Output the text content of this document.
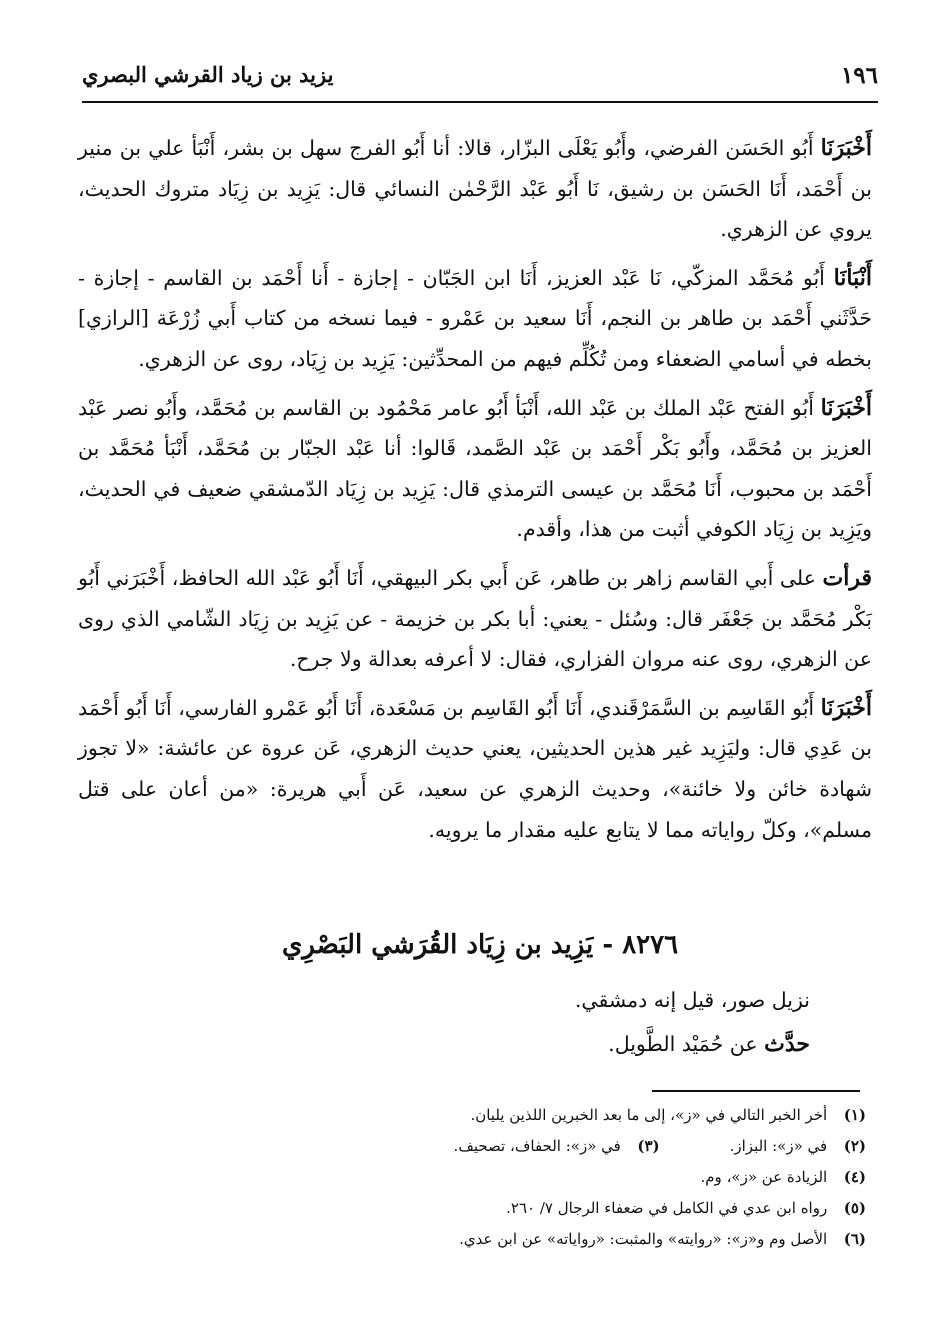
١٩٦
يزيد بن زياد القرشي البصري

أَخْبَرَنَا أَبُو الحَسَن الفرضي، وأَبُو يَعْلَى البزّار، قالا: أنا أَبُو الفرج سهل بن بشر، أَنْبَأ علي بن منير بن أَحْمَد، أَنَا الحَسَن بن رشيق، نَا أَبُو عَبْد الرَّحْمٰن النسائي قال: يَزِيد بن زِيَاد متروك الحديث، يروي عن الزهري.

أَنْبَأنَا أَبُو مُحَمَّد المزكّي، نَا عَبْد العزيز، أَنَا ابن الجَبّان - إجازة - أَنا أَحْمَد بن القاسم - إجازة - حَدَّثَني أَحْمَد بن طاهر بن النجم، أَنَا سعيد بن عَمْرو - فيما نسخه من كتاب أَبي زُرْعَة [الرازي] بخطه في أسامي الضعفاء ومن تُكُلِّم فيهم من المحدِّثين: يَزِيد بن زِيَاد، روى عن الزهري.

أَخْبَرَنَا أَبُو الفتح عَبْد الملك بن عَبْد الله، أَنْبَأ أَبُو عامر مَحْمُود بن القاسم بن مُحَمَّد، وأَبُو نصر عَبْد العزيز بن مُحَمَّد، وأَبُو بَكْر أَحْمَد بن عَبْد الصَّمد، قَالوا: أنا عَبْد الجبّار بن مُحَمَّد، أَنْبَأ مُحَمَّد بن أَحْمَد بن محبوب، أَنَا مُحَمَّد بن عيسى الترمذي قال: يَزِيد بن زِيَاد الدّمشقي ضعيف في الحديث، ويَزِيد بن زِيَاد الكوفي أثبت من هذا، وأقدم.

قرأت على أَبي القاسم زاهر بن طاهر، عَن أَبي بكر البيهقي، أَنَا أَبُو عَبْد الله الحافظ، أَخْبَرَني أَبُو بَكْر مُحَمَّد بن جَعْفَر قال: وسُئل - يعني: أبا بكر بن خزيمة - عن يَزِيد بن زِيَاد الشّامي الذي روى عن الزهري، روى عنه مروان الفزاري، فقال: لا أعرفه بعدالة ولا جرح.

أَخْبَرَنَا أَبُو القَاسِم بن السَّمَرْقَندي، أَنَا أَبُو القَاسِم بن مَسْعَدة، أَنَا أَبُو عَمْرو الفارسي، أَنَا أَبُو أَحْمَد بن عَدِي قال: وليَزِيد غير هذين الحديثين، يعني حديث الزهري، عَن عروة عن عائشة: «لا تجوز شهادة خائن ولا خائنة»، وحديث الزهري عن سعيد، عَن أَبي هريرة: «من أعان على قتل مسلم»، وكلّ رواياته مما لا يتابع عليه مقدار ما يرويه.

٨٢٧٦ - يَزِيد بن زِيَاد القُرَشي البَصْرِي
نزيل صور، قيل إنه دمشقي.
حدَّث عن حُمَيْد الطَّويل.
(١) أخر الخبر التالي في «ز»، إلى ما بعد الخبرين اللذين يليان.
(٢) في «ز»: البزاز.
(٣) في «ز»: الحفاف، تصحيف.
(٤) الزيادة عن «ز»، وم.
(٥) رواه ابن عدي في الكامل في ضعفاء الرجال ٧/ ٢٦٠.
(٦) الأصل وم و«ز»: «روايته» والمثبت: «رواياته» عن ابن عدي.
